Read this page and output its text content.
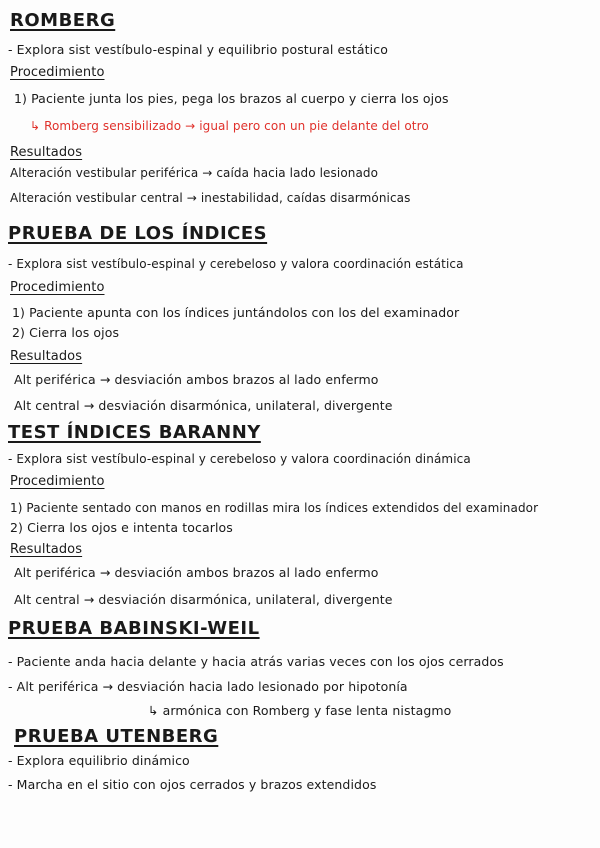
ROMBERG
- Explora sist vestíbulo-espinal y equilibrio postural estático
Procedimiento
1) Paciente junta los pies, pega los brazos al cuerpo y cierra los ojos
↳ Romberg sensibilizado → igual pero con un pie delante del otro
Resultados
Alteración vestibular periférica → caída hacia lado lesionado
Alteración vestibular central → inestabilidad, caídas disarmónicas
PRUEBA DE LOS ÍNDICES
- Explora sist vestíbulo-espinal y cerebeloso y valora coordinación estática
Procedimiento
1) Paciente apunta con los índices juntándolos con los del examinador
2) Cierra los ojos
Resultados
Alt periférica → desviación ambos brazos al lado enfermo
Alt central → desviación disarmónica, unilateral, divergente
TEST ÍNDICES BARANNY
- Explora sist vestíbulo-espinal y cerebeloso y valora coordinación dinámica
Procedimiento
1) Paciente sentado con manos en rodillas mira los índices extendidos del examinador
2) Cierra los ojos e intenta tocarlos
Resultados
Alt periférica → desviación ambos brazos al lado enfermo
Alt central → desviación disarmónica, unilateral, divergente
PRUEBA BABINSKI-WEIL
- Paciente anda hacia delante y hacia atrás varias veces con los ojos cerrados
- Alt periférica → desviación hacia lado lesionado por hipotonía
↳ armónica con Romberg y fase lenta nistagmo
PRUEBA UTENBERG
- Explora equilibrio dinámico
- Marcha en el sitio con ojos cerrados y brazos extendidos
